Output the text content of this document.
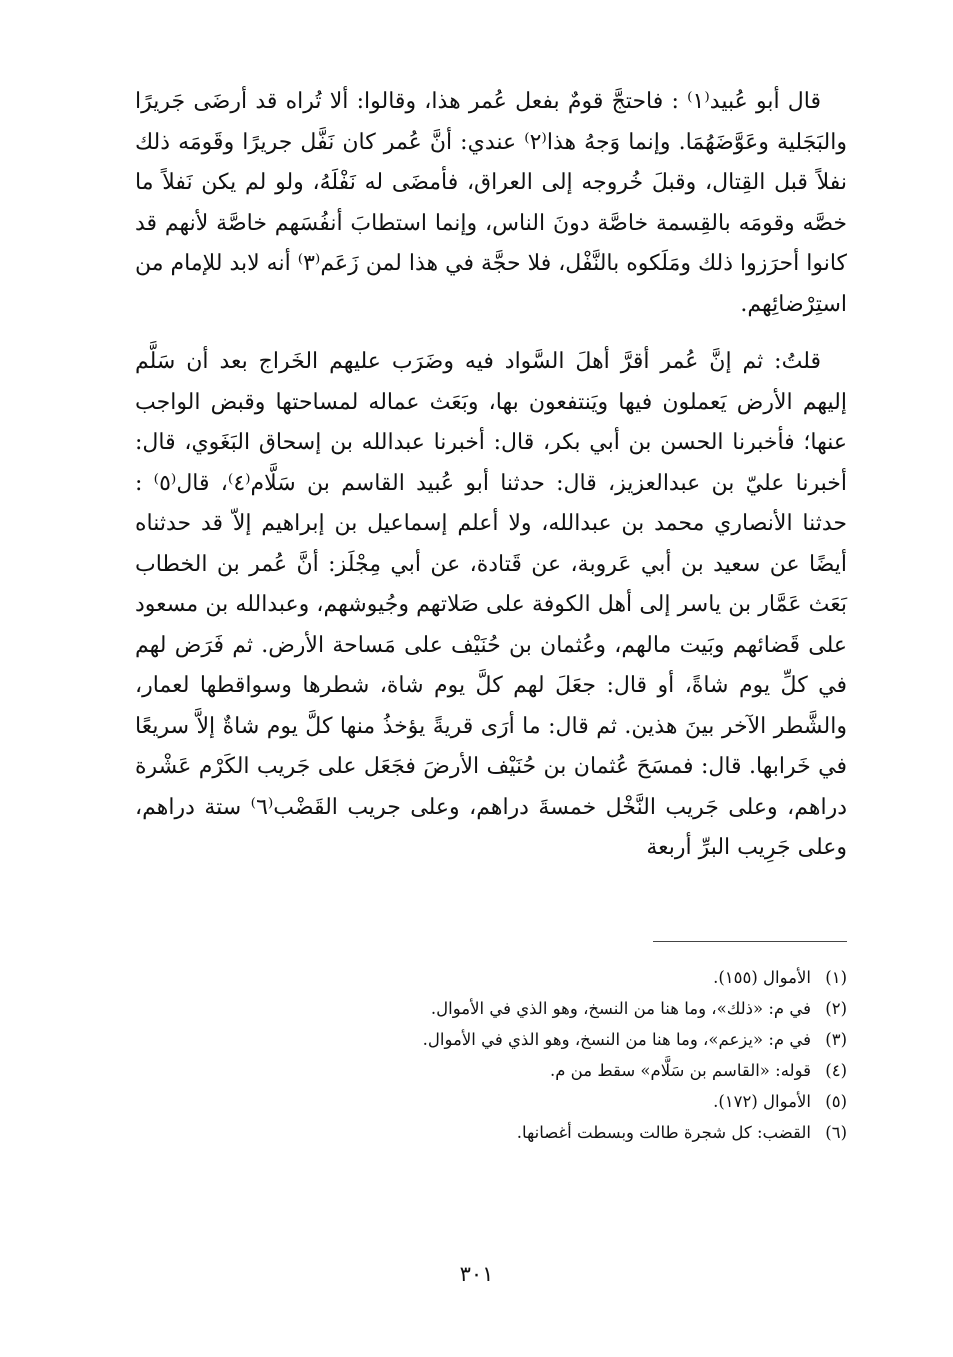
قال أبو عُبيد⁽١⁾ : فاحتجَّ قومٌ بفعل عُمر هذا، وقالوا: ألا تُراه قد أرضَى جَريرًا والبَجَلية وعَوَّضَهُمَا. وإنما وَجهُ هذا⁽٢⁾ عندي: أنَّ عُمر كان نَفَّل جريرًا وقَومَه ذلك نفلاً قبل القِتال، وقبلَ خُروجه إلى العراق، فأمضَى له نَفْلَهُ، ولو لم يكن نَفلاً ما خصَّه وقومَه بالقِسمة خاصَّة دونَ الناس، وإنما استطابَ أنفُسَهم خاصَّة لأنهم قد كانوا أحرَزوا ذلك ومَلَكوه بالنَّفْل، فلا حجَّة في هذا لمن زَعَم⁽٣⁾ أنه لابد للإمام من استِرْضائِهم.

قلتُ: ثم إنَّ عُمر أقرَّ أهلَ السَّواد فيه وضَرَب عليهم الخَراج بعد أن سَلَّم إليهم الأرض يَعملون فيها ويَنتفعون بها، وبَعَث عماله لمساحتها وقبض الواجب عنها؛ فأخبرنا الحسن بن أبي بكر، قال: أخبرنا عبدالله بن إسحاق البَغَوي، قال: أخبرنا عليّ بن عبدالعزيز، قال: حدثنا أبو عُبيد القاسم بن سَلَّام⁽٤⁾، قال⁽٥⁾ : حدثنا الأنصاري محمد بن عبدالله، ولا أعلم إسماعيل بن إبراهيم إلاّ قد حدثناه أيضًا عن سعيد بن أبي عَروبة، عن قَتادة، عن أبي مِجْلَز: أنَّ عُمر بن الخطاب بَعَث عَمَّار بن ياسر إلى أهل الكوفة على صَلاتهم وجُيوشهم، وعبدالله بن مسعود على قَضائهم وبَيت مالهم، وعُثمان بن حُنَيْف على مَساحة الأرض. ثم فَرَض لهم في كلِّ يوم شاةً، أو قال: جعَلَ لهم كلَّ يوم شاة، شطرها وسواقطها لعمار، والشَّطر الآخر بينَ هذين. ثم قال: ما أرَى قريةً يؤخذُ منها كلَّ يوم شاةٌ إلاَّ سريعًا في خَرابها. قال: فمسَحَ عُثمان بن حُنَيْف الأرضَ فجَعَل على جَريب الكَرْم عَشْرة دراهم، وعلى جَريب النَّخْل خمسةَ دراهم، وعلى جريب القَضْب⁽٦⁾ ستة دراهم، وعلى جَرِيب البرِّ أربعة

(١)
الأموال (١٥٥).
(٢)
في م: «ذلك»، وما هنا من النسخ، وهو الذي في الأموال.
(٣)
في م: «يزعم»، وما هنا من النسخ، وهو الذي في الأموال.
(٤)
قوله: «القاسم بن سَلَّام» سقط من م.
(٥)
الأموال (١٧٢).
(٦)
القضب: كل شجرة طالت وبسطت أغصانها.
٣٠١
